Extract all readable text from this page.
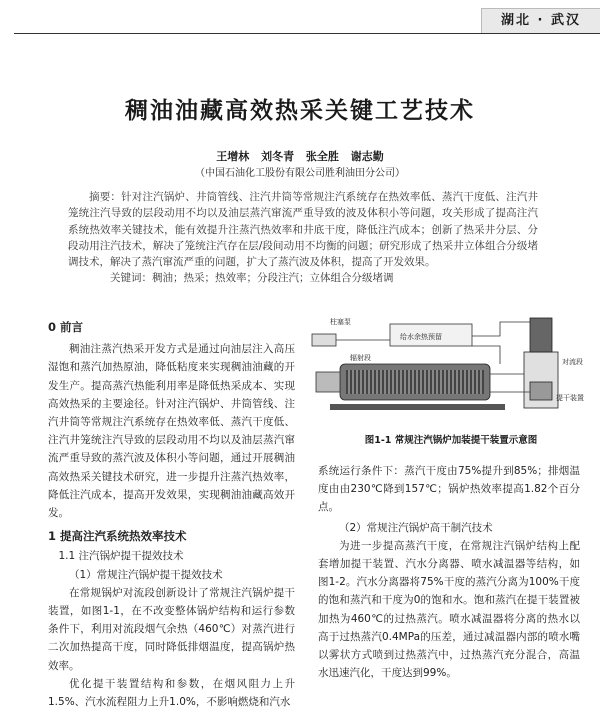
湖北 · 武汉
稠油油藏高效热采关键工艺技术
王增林 刘冬青 张全胜 谢志勤
（中国石油化工股份有限公司胜利油田分公司）

摘要：针对注汽锅炉、井筒管线、注汽井筒等常规注汽系统存在热效率低、蒸汽干度低、注汽井笼统注汽导致的层段动用不均以及油层蒸汽窜流严重导致的波及体积小等问题，攻关形成了提高注汽系统热效率关键技术，能有效提升注蒸汽热效率和井底干度，降低注汽成本；创新了热采井分层、分段动用注汽技术，解决了笼统注汽存在层/段间动用不均衡的问题；研究形成了热采井立体组合分级堵调技术，解决了蒸汽窜流严重的问题，扩大了蒸汽波及体积，提高了开发效果。

关键词：稠油；热采；热效率；分段注汽；立体组合分级堵调

0 前言

稠油注蒸汽热采开发方式是通过向油层注入高压湿饱和蒸汽加热原油，降低粘度来实现稠油油藏的开发生产。提高蒸汽热能利用率是降低热采成本、实现高效热采的主要途径。针对注汽锅炉、井筒管线、注汽井筒等常规注汽系统存在热效率低、蒸汽干度低、注汽井笼统注汽导致的层段动用不均以及油层蒸汽窜流严重导致的蒸汽波及体积小等问题，通过开展稠油高效热采关键技术研究，进一步提升注蒸汽热效率，降低注汽成本，提高开发效果，实现稠油油藏高效开发。

1 提高注汽系统热效率技术

1.1 注汽锅炉提干提效技术

（1）常规注汽锅炉提干提效技术

在常规锅炉对流段创新设计了常规注汽锅炉提干装置，如图1-1，在不改变整体锅炉结构和运行参数条件下，利用对流段烟气余热（460℃）对蒸汽进行二次加热提高干度，同时降低排烟温度，提高锅炉热效率。

优化提干装置结构和参数，在烟风阻力上升1.5%、汽水流程阻力上升1.0%，不影响燃烧和汽水

柱塞泵
给水余热预留
辐射段	对流段
提干装置
图1-1 常规注汽锅炉加装提干装置示意图

系统运行条件下：蒸汽干度由75%提升到85%；排烟温度由由230℃降到157℃；锅炉热效率提高1.82个百分点。

（2）常规注汽锅炉高干制汽技术

为进一步提高蒸汽干度，在常规注汽锅炉结构上配套增加提干装置、汽水分离器、喷水减温器等结构，如图1-2。汽水分离器将75%干度的蒸汽分离为100%干度的饱和蒸汽和干度为0的饱和水。饱和蒸汽在提干装置被加热为460℃的过热蒸汽。喷水减温器将分离的热水以高于过热蒸汽0.4MPa的压差，通过减温器内部的喷水嘴以雾状方式喷到过热蒸汽中，过热蒸汽充分混合，高温水迅速汽化，干度达到99%。
